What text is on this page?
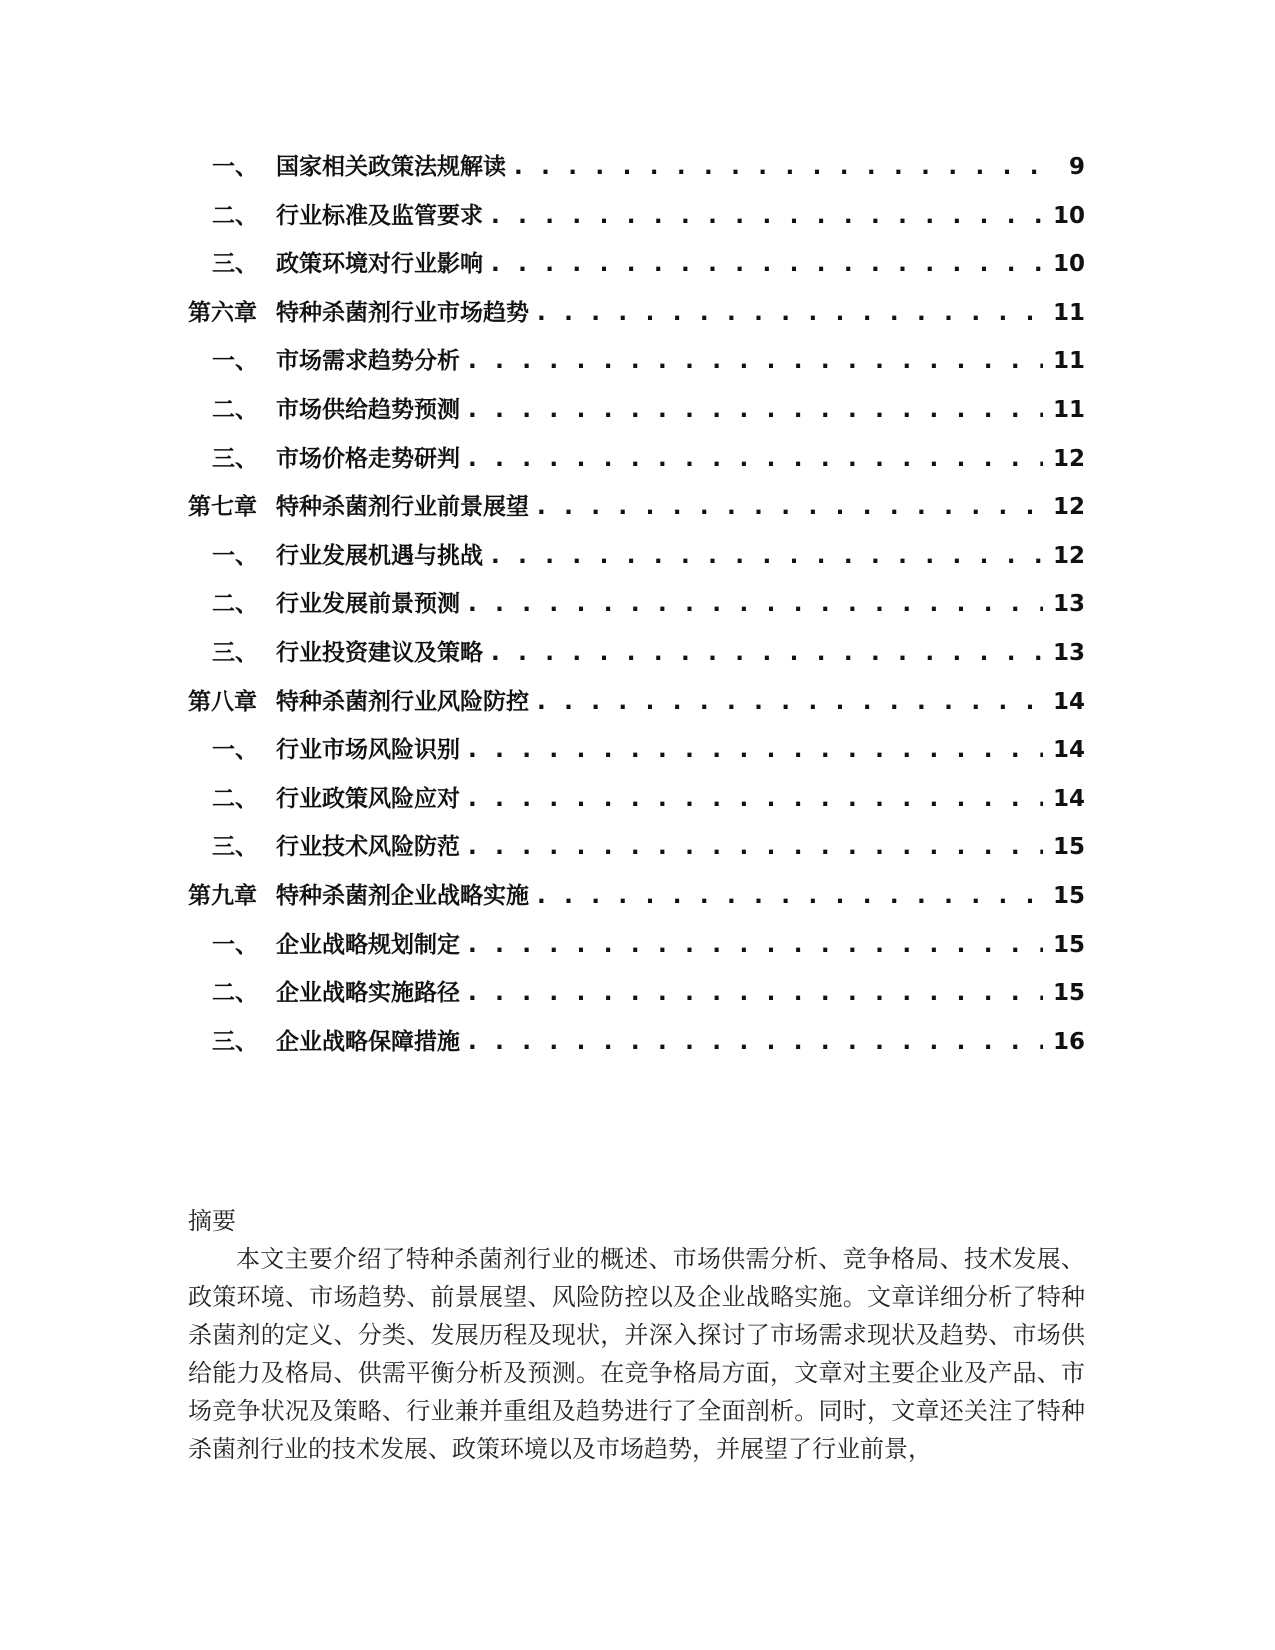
一、 国家相关政策法规解读 . . .	9
二、 行业标准及监管要求 . . .	10
三、 政策环境对行业影响 . . .	10
第六章 特种杀菌剂行业市场趋势 . . .	11
一、 市场需求趋势分析 . . .	11
二、 市场供给趋势预测 . . .	11
三、 市场价格走势研判 . . .	12
第七章 特种杀菌剂行业前景展望 . . .	12
一、 行业发展机遇与挑战 . . .	12
二、 行业发展前景预测 . . .	13
三、 行业投资建议及策略 . . .	13
第八章 特种杀菌剂行业风险防控 . . .	14
一、 行业市场风险识别 . . .	14
二、 行业政策风险应对 . . .	14
三、 行业技术风险防范 . . .	15
第九章 特种杀菌剂企业战略实施 . . .	15
一、 企业战略规划制定 . . .	15
二、 企业战略实施路径 . . .	15
三、 企业战略保障措施 . . .	16

摘要

本文主要介绍了特种杀菌剂行业的概述、市场供需分析、竞争格局、技术发展、政策环境、市场趋势、前景展望、风险防控以及企业战略实施。文章详细分析了特种杀菌剂的定义、分类、发展历程及现状，并深入探讨了市场需求现状及趋势、市场供给能力及格局、供需平衡分析及预测。在竞争格局方面，文章对主要企业及产品、市场竞争状况及策略、行业兼并重组及趋势进行了全面剖析。同时，文章还关注了特种杀菌剂行业的技术发展、政策环境以及市场趋势，并展望了行业前景，
